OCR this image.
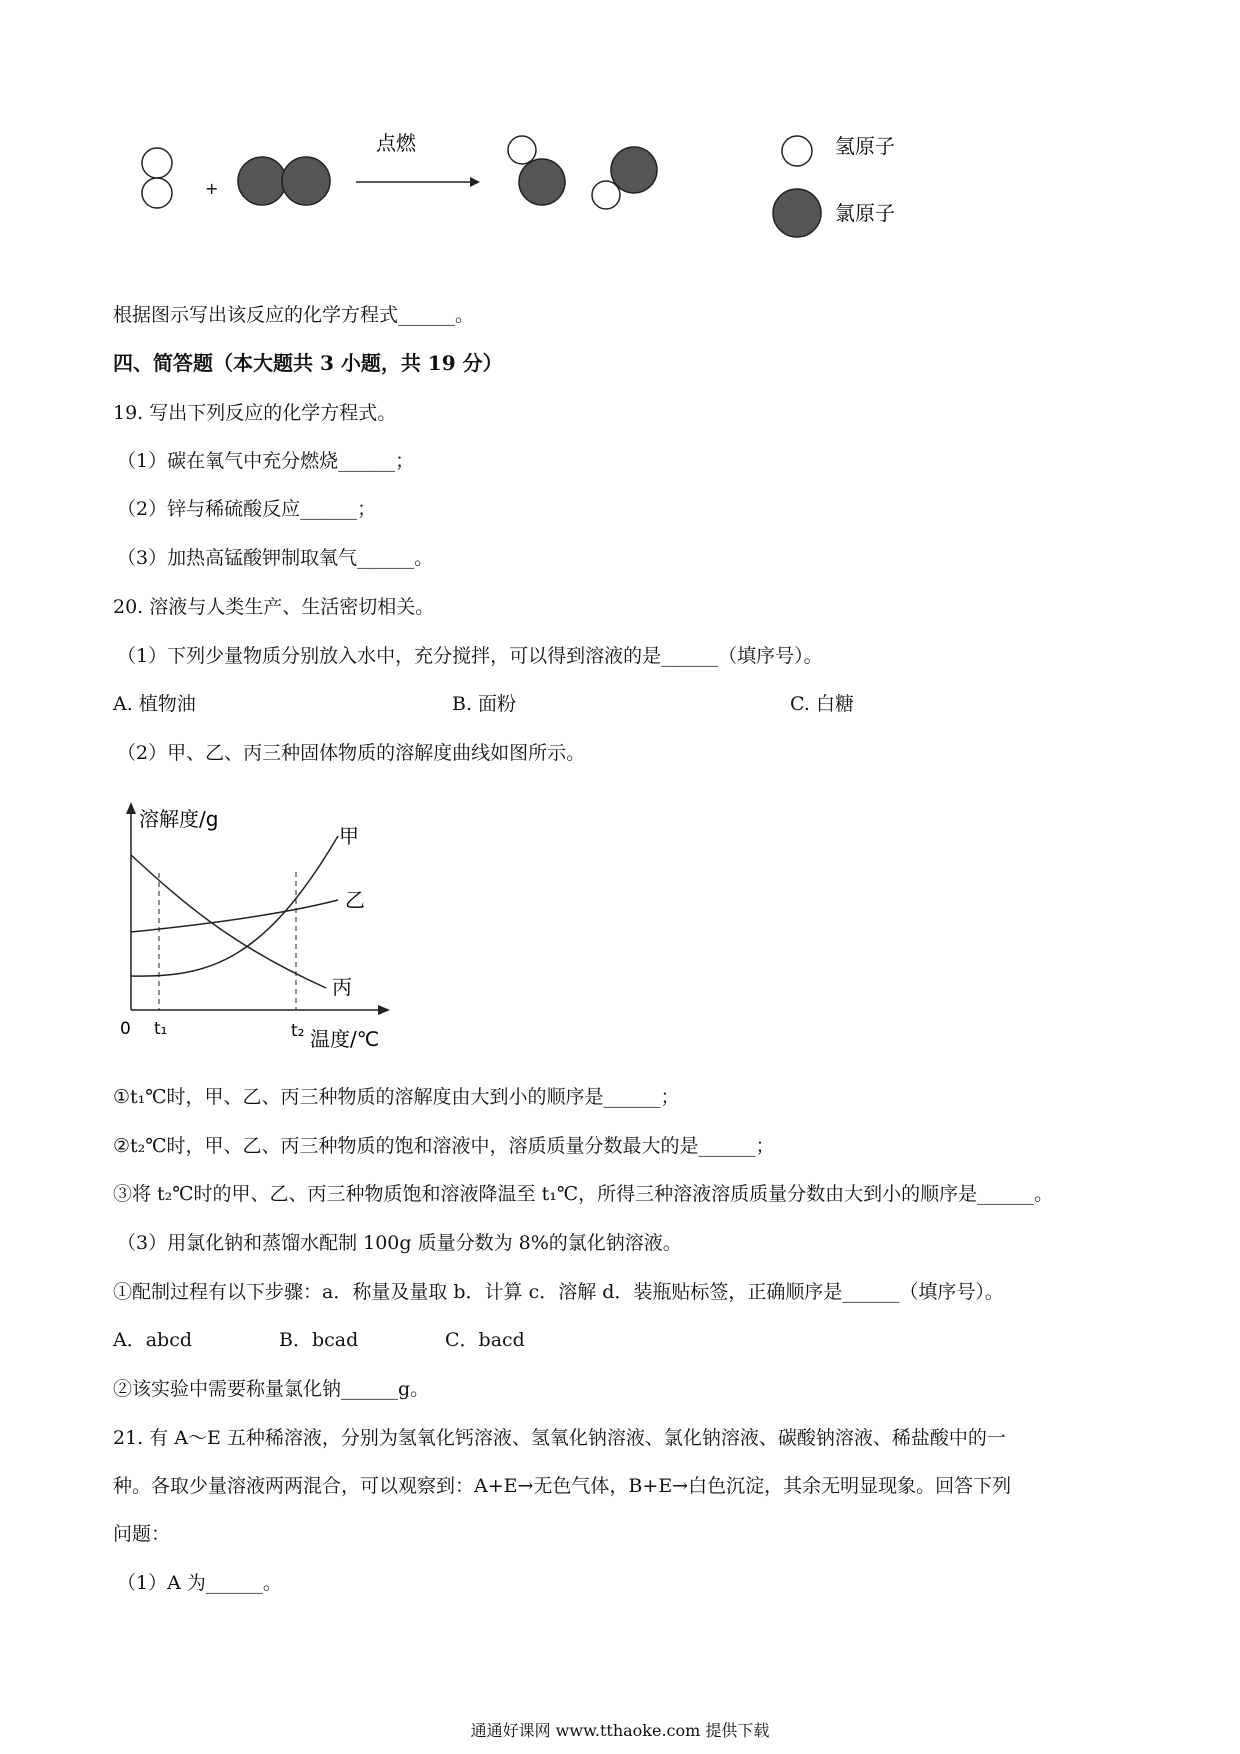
+
点燃	氢原子
氯原子
根据图示写出该反应的化学方程式______。
四、简答题（本大题共 3 小题，共 19 分）
19. 写出下列反应的化学方程式。
（1）碳在氧气中充分燃烧______；
（2）锌与稀硫酸反应______；
（3）加热高锰酸钾制取氧气______。
20. 溶液与人类生产、生活密切相关。
（1）下列少量物质分别放入水中，充分搅拌，可以得到溶液的是______（填序号）。
A. 植物油	B. 面粉	C. 白糖
（2）甲、乙、丙三种固体物质的溶解度曲线如图所示。
溶解度/g
温度/℃
0 t₁	t₂
甲
乙
丙
①t₁℃时，甲、乙、丙三种物质的溶解度由大到小的顺序是______；
②t₂℃时，甲、乙、丙三种物质的饱和溶液中，溶质质量分数最大的是______；
③将 t₂℃时的甲、乙、丙三种物质饱和溶液降温至 t₁℃，所得三种溶液溶质质量分数由大到小的顺序是______。
（3）用氯化钠和蒸馏水配制 100g 质量分数为 8%的氯化钠溶液。
①配制过程有以下步骤：a．称量及量取 b．计算 c．溶解 d．装瓶贴标签，正确顺序是______（填序号）。
A．abcd	B．bcad	C．bacd
②该实验中需要称量氯化钠______g。
21. 有 A～E 五种稀溶液，分别为氢氧化钙溶液、氢氧化钠溶液、氯化钠溶液、碳酸钠溶液、稀盐酸中的一
种。各取少量溶液两两混合，可以观察到：A+E→无色气体，B+E→白色沉淀，其余无明显现象。回答下列
问题：
（1）A 为______。
通通好课网 www.tthaoke.com 提供下载
